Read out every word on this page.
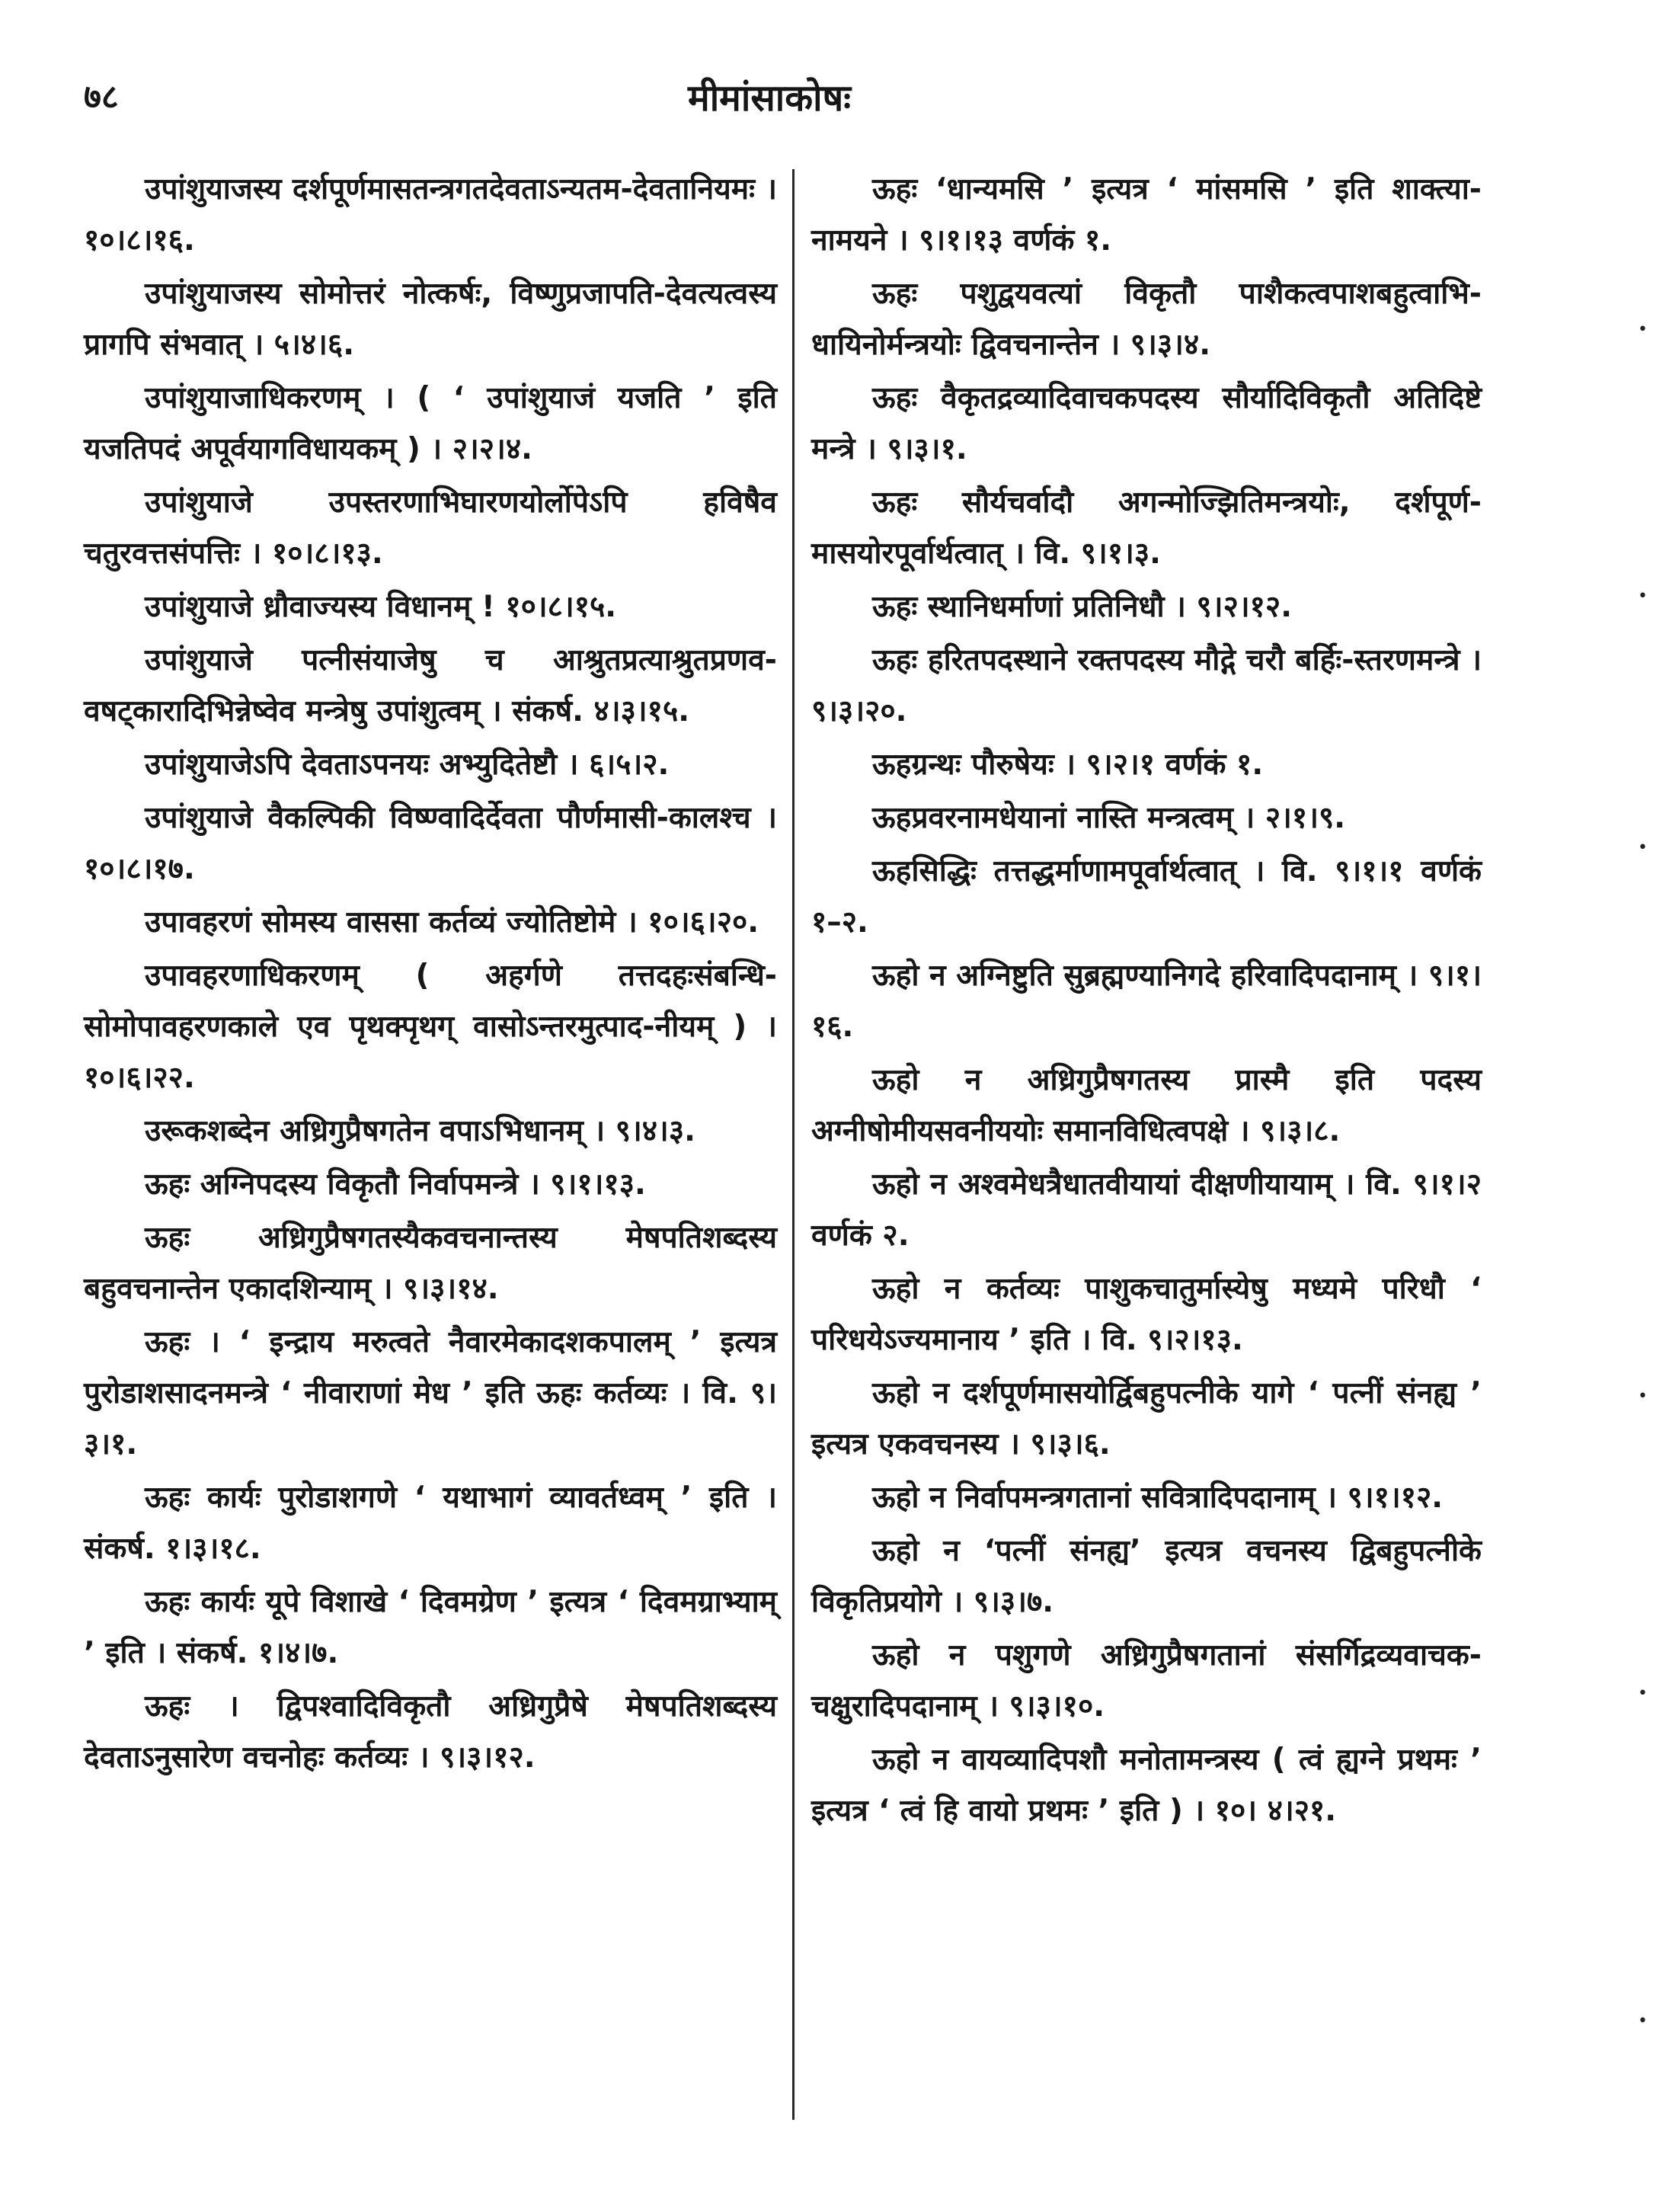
७८	मीमांसाकोषः

उपांशुयाजस्य दर्शपूर्णमासतन्त्रगतदेवताऽन्यतम-देवतानियमः । १०।८।१६.

उपांशुयाजस्य सोमोत्तरं नोत्कर्षः, विष्णुप्रजापति-देवत्यत्वस्य प्रागपि संभवात् । ५।४।६.

उपांशुयाजाधिकरणम् । ( ‘ उपांशुयाजं यजति ’ इति यजतिपदं अपूर्वयागविधायकम् ) । २।२।४.

उपांशुयाजे उपस्तरणाभिघारणयोर्लोपेऽपि हविषैव चतुरवत्तसंपत्तिः । १०।८।१३.

उपांशुयाजे ध्रौवाज्यस्य विधानम् ! १०।८।१५.

उपांशुयाजे पत्नीसंयाजेषु च आश्रुतप्रत्याश्रुतप्रणव-वषट्कारादिभिन्नेष्वेव मन्त्रेषु उपांशुत्वम् । संकर्ष. ४।३।१५.

उपांशुयाजेऽपि देवताऽपनयः अभ्युदितेष्टौ । ६।५।२.

उपांशुयाजे वैकल्पिकी विष्ण्वादिर्देवता पौर्णमासी-कालश्च । १०।८।१७.

उपावहरणं सोमस्य वाससा कर्तव्यं ज्योतिष्टोमे । १०।६।२०.

उपावहरणाधिकरणम् ( अहर्गणे तत्तदहःसंबन्धि-सोमोपावहरणकाले एव पृथक्पृथग् वासोऽन्तरमुत्पाद-नीयम् ) । १०।६।२२.

उरूकशब्देन अध्रिगुप्रैषगतेन वपाऽभिधानम् । ९।४।३.

ऊहः अग्निपदस्य विकृतौ निर्वापमन्त्रे । ९।१।१३.

ऊहः अध्रिगुप्रैषगतस्यैकवचनान्तस्य मेषपतिशब्दस्य बहुवचनान्तेन एकादशिन्याम् । ९।३।१४.

ऊहः । ‘ इन्द्राय मरुत्वते नैवारमेकादशकपालम् ’ इत्यत्र पुरोडाशसादनमन्त्रे ‘ नीवाराणां मेध ’ इति ऊहः कर्तव्यः । वि. ९।३।१.

ऊहः कार्यः पुरोडाशगणे ‘ यथाभागं व्यावर्तध्वम् ’ इति । संकर्ष. १।३।१८.

ऊहः कार्यः यूपे विशाखे ‘ दिवमग्रेण ’ इत्यत्र ‘ दिवमग्राभ्याम् ’ इति । संकर्ष. १।४।७.

ऊहः । द्विपश्वादिविकृतौ अध्रिगुप्रैषे मेषपतिशब्दस्य देवताऽनुसारेण वचनोहः कर्तव्यः । ९।३।१२.

ऊहः ‘धान्यमसि ’ इत्यत्र ‘ मांसमसि ’ इति शाक्त्या-नामयने । ९।१।१३ वर्णकं १.

ऊहः पशुद्वयवत्यां विकृतौ पाशैकत्वपाशबहुत्वाभि-धायिनोर्मन्त्रयोः द्विवचनान्तेन । ९।३।४.

ऊहः वैकृतद्रव्यादिवाचकपदस्य सौर्यादिविकृतौ अतिदिष्टे मन्त्रे । ९।३।१.

ऊहः सौर्यचर्वादौ अगन्मोज्झितिमन्त्रयोः, दर्शपूर्ण-मासयोरपूर्वार्थत्वात् । वि. ९।१।३.

ऊहः स्थानिधर्माणां प्रतिनिधौ । ९।२।१२.

ऊहः हरितपदस्थाने रक्तपदस्य मौद्गे चरौ बर्हिः-स्तरणमन्त्रे । ९।३।२०.

ऊहग्रन्थः पौरुषेयः । ९।२।१ वर्णकं १.

ऊहप्रवरनामधेयानां नास्ति मन्त्रत्वम् । २।१।९.

ऊहसिद्धिः तत्तद्धर्माणामपूर्वार्थत्वात् । वि. ९।१।१ वर्णकं १–२.

ऊहो न अग्निष्टुति सुब्रह्मण्यानिगदे हरिवादिपदानाम् । ९।१।१६.

ऊहो न अध्रिगुप्रैषगतस्य प्रास्मै इति पदस्य अग्नीषोमीयसवनीययोः समानविधित्वपक्षे । ९।३।८.

ऊहो न अश्वमेधत्रैधातवीयायां दीक्षणीयायाम् । वि. ९।१।२ वर्णकं २.

ऊहो न कर्तव्यः पाशुकचातुर्मास्येषु मध्यमे परिधौ ‘ परिधयेऽज्यमानाय ’ इति । वि. ९।२।१३.

ऊहो न दर्शपूर्णमासयोर्द्विबहुपत्नीके यागे ‘ पत्नीं संनह्य ’ इत्यत्र एकवचनस्य । ९।३।६.

ऊहो न निर्वापमन्त्रगतानां सवित्रादिपदानाम् । ९।१।१२.

ऊहो न ‘पत्नीं संनह्य’ इत्यत्र वचनस्य द्विबहुपत्नीके विकृतिप्रयोगे । ९।३।७.

ऊहो न पशुगणे अध्रिगुप्रैषगतानां संसर्गिद्रव्यवाचक-चक्षुरादिपदानाम् । ९।३।१०.

ऊहो न वायव्यादिपशौ मनोतामन्त्रस्य ( त्वं ह्यग्ने प्रथमः ’ इत्यत्र ‘ त्वं हि वायो प्रथमः ’ इति ) । १०। ४।२१.

•
•
•
•
•
•
